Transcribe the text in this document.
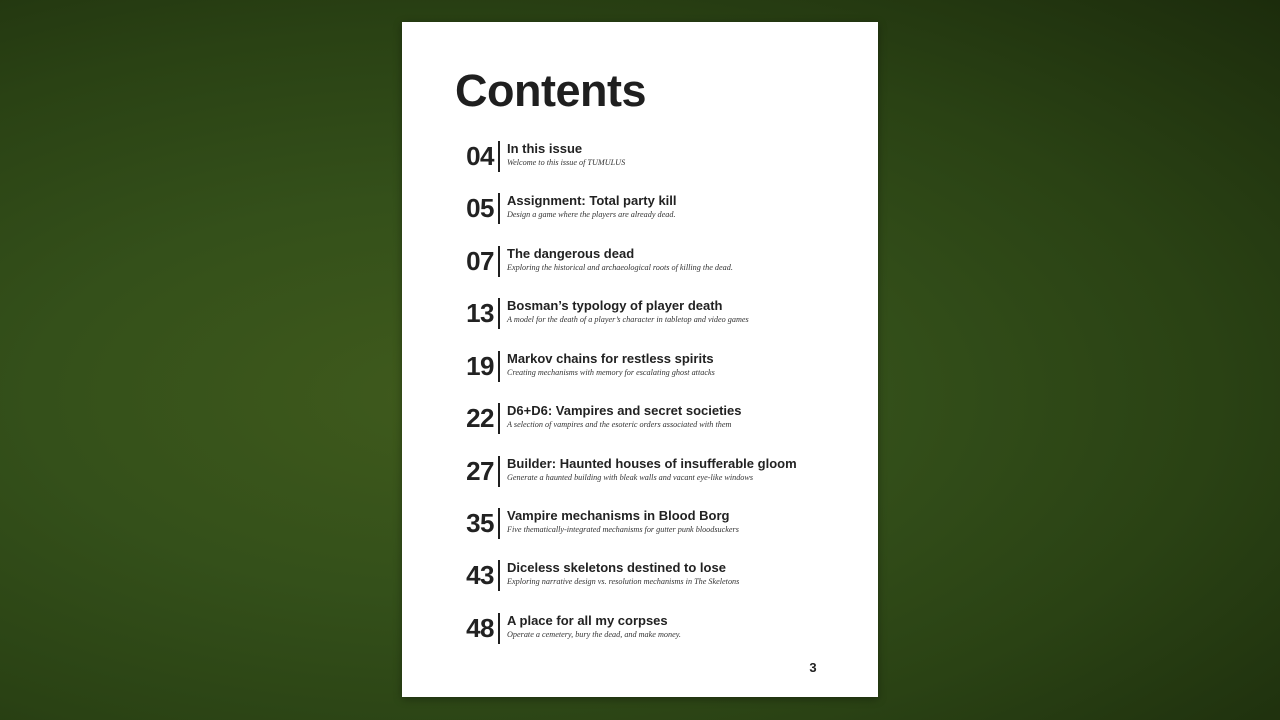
Contents
04 In this issue
Welcome to this issue of TUMULUS
05 Assignment: Total party kill
Design a game where the players are already dead.
07 The dangerous dead
Exploring the historical and archaeological roots of killing the dead.
13 Bosman’s typology of player death
A model for the death of a player’s character in tabletop and video games
19 Markov chains for restless spirits
Creating mechanisms with memory for escalating ghost attacks
22 D6+D6: Vampires and secret societies
A selection of vampires and the esoteric orders associated with them
27 Builder: Haunted houses of insufferable gloom
Generate a haunted building with bleak walls and vacant eye-like windows
35 Vampire mechanisms in Blood Borg
Five thematically-integrated mechanisms for gutter punk bloodsuckers
43 Diceless skeletons destined to lose
Exploring narrative design vs. resolution mechanisms in The Skeletons
48 A place for all my corpses
Operate a cemetery, bury the dead, and make money.
3
